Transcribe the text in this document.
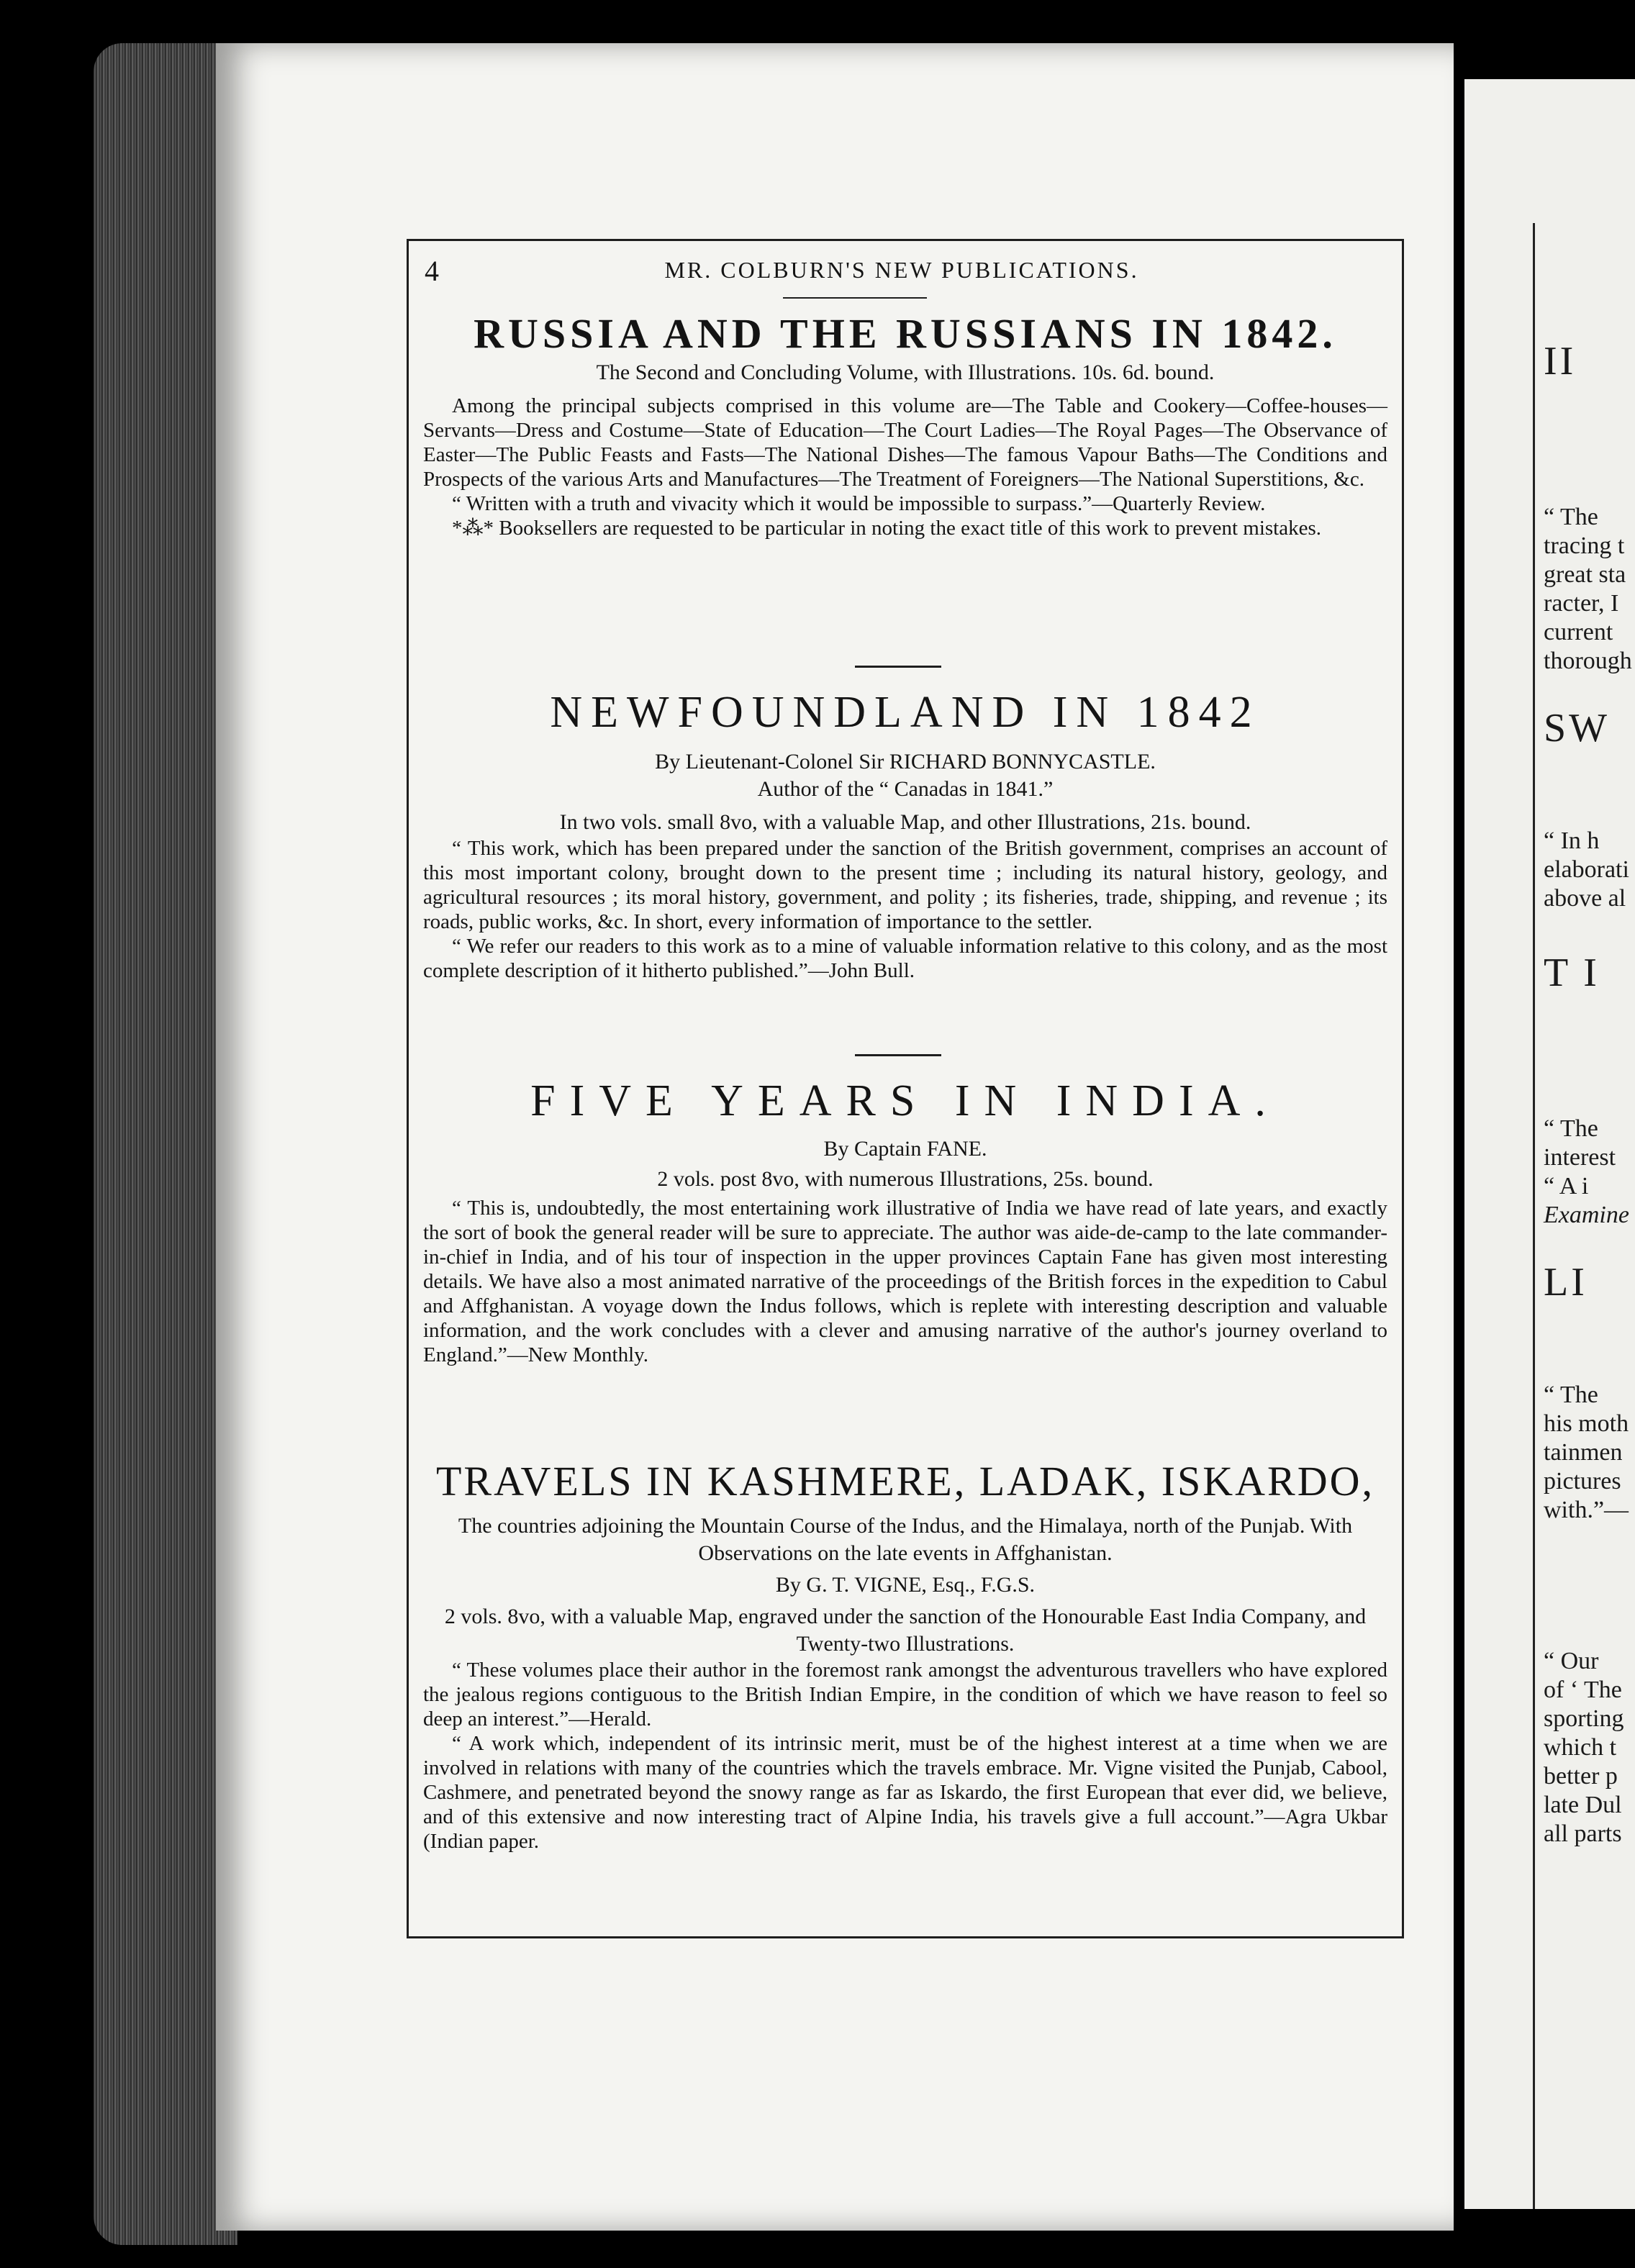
II
“ The
tracing t
great sta
racter, I
current
thorough
SW
“ In h
elaborati
above al
T I
“ The
interest
“ A i
Examine
LI
“ The
his moth
tainmen
pictures
with.”—
“ Our
of ‘ The
sporting
which t
better p
late Dul
all parts
4	MR. COLBURN'S NEW PUBLICATIONS.
RUSSIA AND THE RUSSIANS IN 1842.
The Second and Concluding Volume, with Illustrations. 10s. 6d. bound.

Among the principal subjects comprised in this volume are—The Table and Cookery—Coffee-houses—Servants—Dress and Costume—State of Education—The Court Ladies—The Royal Pages—The Observance of Easter—The Public Feasts and Fasts—The National Dishes—The famous Vapour Baths—The Conditions and Prospects of the various Arts and Manufactures—The Treatment of Foreigners—The National Superstitions, &c.

“ Written with a truth and vivacity which it would be impossible to surpass.”—Quarterly Review.

*⁂* Booksellers are requested to be particular in noting the exact title of this work to prevent mistakes.

NEWFOUNDLAND IN 1842
By Lieutenant-Colonel Sir RICHARD BONNYCASTLE.
Author of the “ Canadas in 1841.”
In two vols. small 8vo, with a valuable Map, and other Illustrations, 21s. bound.

“ This work, which has been prepared under the sanction of the British government, comprises an account of this most important colony, brought down to the present time ; including its natural history, geology, and agricultural resources ; its moral history, government, and polity ; its fisheries, trade, shipping, and revenue ; its roads, public works, &c. In short, every information of importance to the settler.

“ We refer our readers to this work as to a mine of valuable information relative to this colony, and as the most complete description of it hitherto published.”—John Bull.

FIVE YEARS IN INDIA.
By Captain FANE.
2 vols. post 8vo, with numerous Illustrations, 25s. bound.

“ This is, undoubtedly, the most entertaining work illustrative of India we have read of late years, and exactly the sort of book the general reader will be sure to appreciate. The author was aide-de-camp to the late commander-in-chief in India, and of his tour of inspection in the upper provinces Captain Fane has given most interesting details. We have also a most animated narrative of the proceedings of the British forces in the expedition to Cabul and Affghanistan. A voyage down the Indus follows, which is replete with interesting description and valuable information, and the work concludes with a clever and amusing narrative of the author's journey overland to England.”—New Monthly.

TRAVELS IN KASHMERE, LADAK, ISKARDO,
The countries adjoining the Mountain Course of the Indus, and the Himalaya, north of the Punjab. With Observations on the late events in Affghanistan.
By G. T. VIGNE, Esq., F.G.S.
2 vols. 8vo, with a valuable Map, engraved under the sanction of the Honourable East India Company, and Twenty-two Illustrations.

“ These volumes place their author in the foremost rank amongst the adventurous travellers who have explored the jealous regions contiguous to the British Indian Empire, in the condition of which we have reason to feel so deep an interest.”—Herald.

“ A work which, independent of its intrinsic merit, must be of the highest interest at a time when we are involved in relations with many of the countries which the travels embrace. Mr. Vigne visited the Punjab, Cabool, Cashmere, and penetrated beyond the snowy range as far as Iskardo, the first European that ever did, we believe, and of this extensive and now interesting tract of Alpine India, his travels give a full account.”—Agra Ukbar (Indian paper.
